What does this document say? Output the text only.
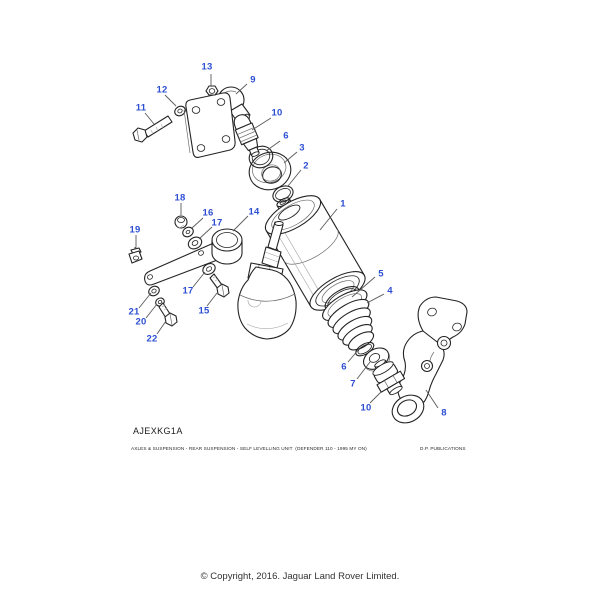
13
9
12
11	10
6
3
2
1
18
16
17
14
19
17
21
20
15
22
5
4
6
7
10	8
AJEXKG1A
AXLES & SUSPENSION - REAR SUSPENSION - SELF LEVELLING UNIT  (DEFENDER 110 - 1995 MY ON)	D.P. PUBLICATIONS
© Copyright, 2016. Jaguar Land Rover Limited.
